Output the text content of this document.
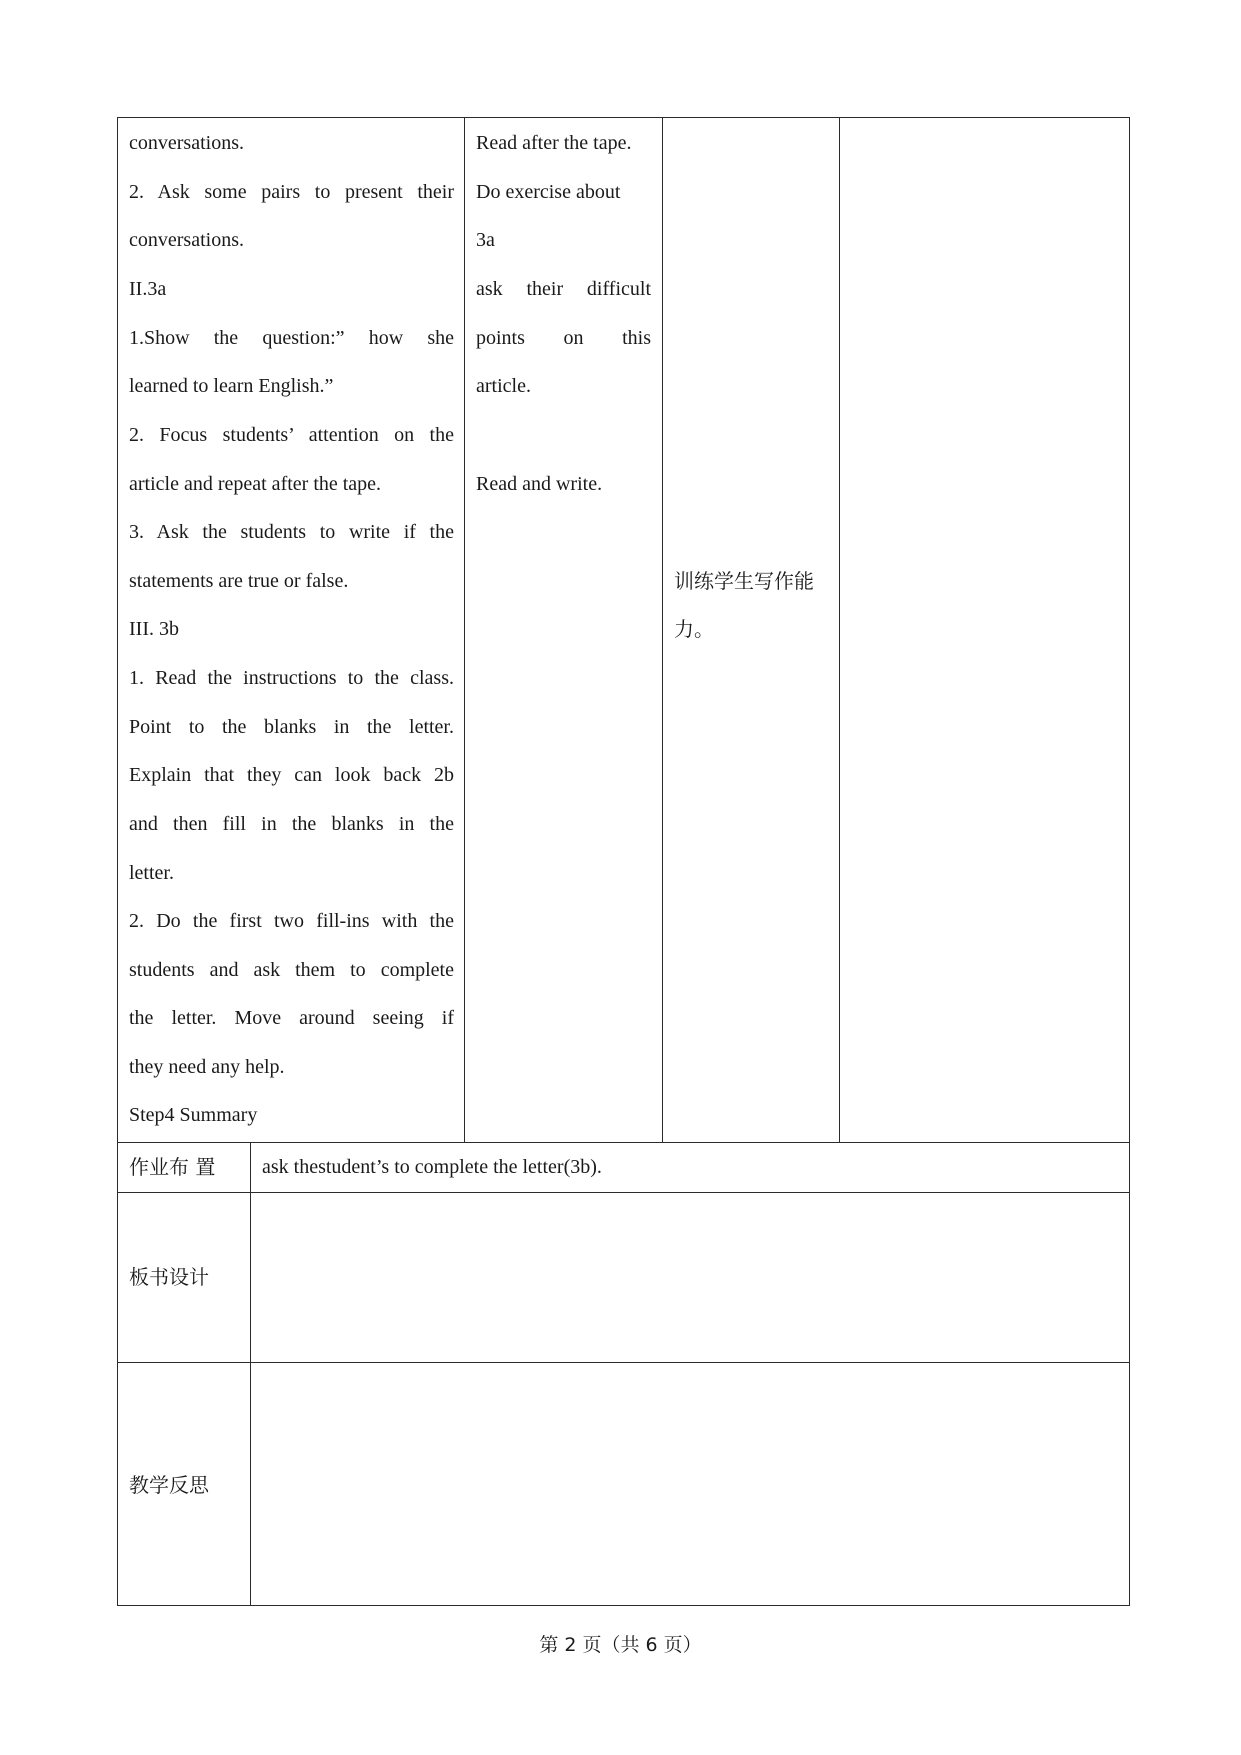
conversations.
2. Ask some pairs to present their
conversations.
II.3a
1.Show the question:” how she
learned to learn English.”
2. Focus students’ attention on the
article and repeat after the tape.
3. Ask the students to write if the
statements are true or false.
III. 3b
1. Read the instructions to the class.
Point to the blanks in the letter.
Explain that they can look back 2b
and then fill in the blanks in the
letter.
2. Do the first two fill-ins with the
students and ask them to complete
the letter. Move around seeing if
they need any help.
Step4 Summary
Read after the tape.
Do exercise about
3a
ask their difficult
points on this
article.
Read and write.
训练学生写作能
力。
作业布 置 ask thestudent’s to complete the letter(3b).
板书设计
教学反思
第 2 页（共 6 页）
